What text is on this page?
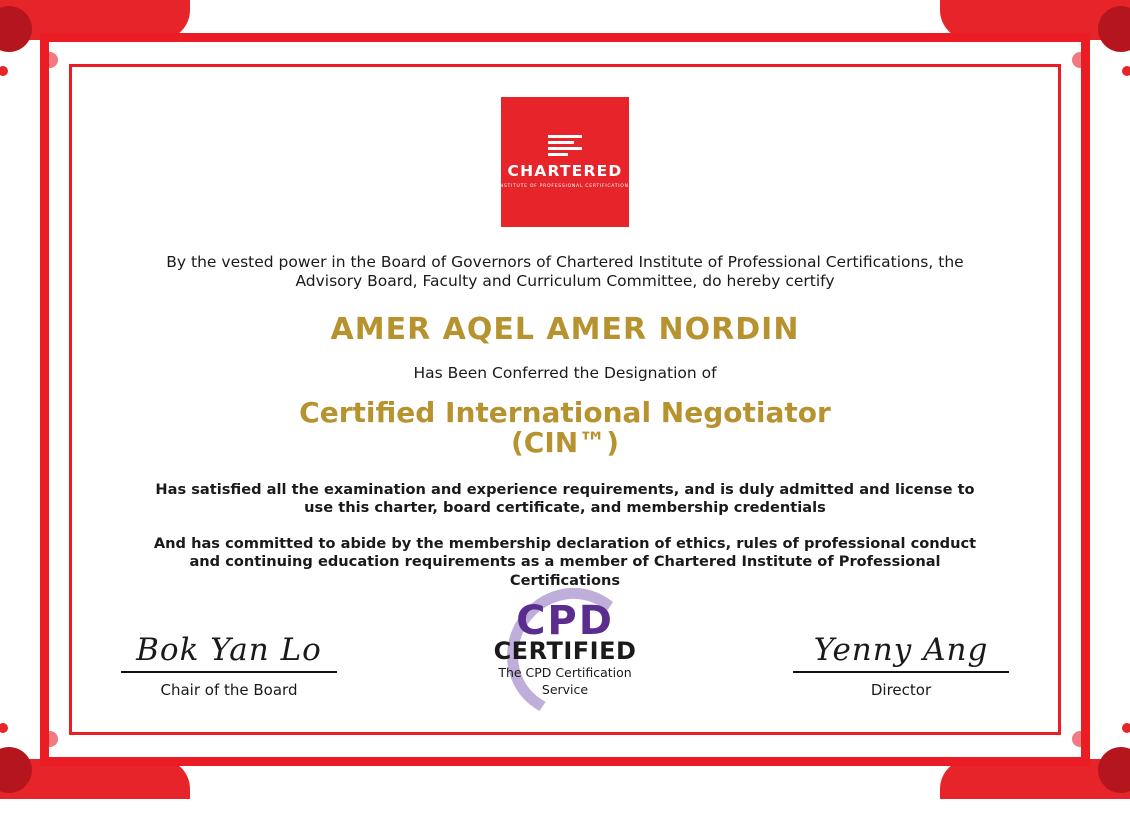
CHARTERED
INSTITUTE OF PROFESSIONAL CERTIFICATIONS
By the vested power in the Board of Governors of Chartered Institute of Professional Certifications, the Advisory Board, Faculty and Curriculum Committee, do hereby certify
AMER AQEL AMER NORDIN
Has Been Conferred the Designation of
Certified International Negotiator
(CIN™)
Has satisfied all the examination and experience requirements, and is duly admitted and license to use this charter, board certificate, and membership credentials
And has committed to abide by the membership declaration of ethics, rules of professional conduct and continuing education requirements as a member of Chartered Institute of Professional Certifications
Bok Yan Lo
Chair of the Board
CPD
CERTIFIED
The CPD Certification
Service
Yenny Ang
Director
